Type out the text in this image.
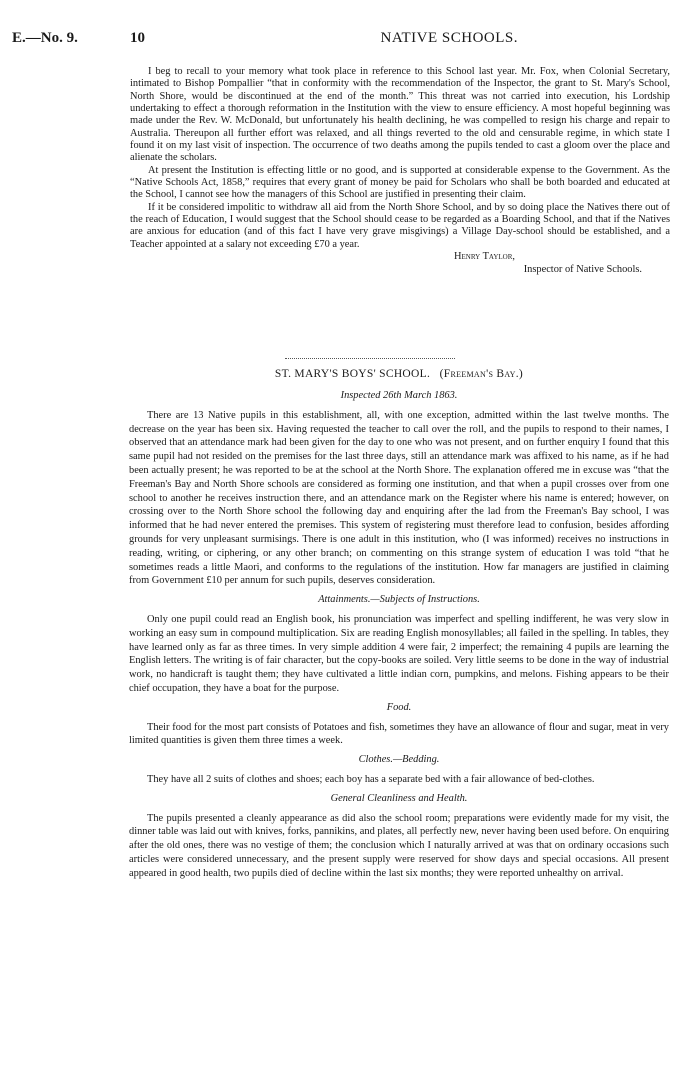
E.—No. 9.	10	NATIVE SCHOOLS.

I beg to recall to your memory what took place in reference to this School last year. Mr. Fox, when Colonial Secretary, intimated to Bishop Pompallier “that in conformity with the recommendation of the Inspector, the grant to St. Mary's School, North Shore, would be discontinued at the end of the month.” This threat was not carried into execution, his Lordship undertaking to effect a thorough reformation in the Institution with the view to ensure efficiency. A most hopeful beginning was made under the Rev. W. McDonald, but unfortunately his health declining, he was compelled to resign his charge and repair to Australia. Thereupon all further effort was relaxed, and all things reverted to the old and censurable regime, in which state I found it on my last visit of inspection. The occurrence of two deaths among the pupils tended to cast a gloom over the place and alienate the scholars.

At present the Institution is effecting little or no good, and is supported at considerable expense to the Government. As the “Native Schools Act, 1858,” requires that every grant of money be paid for Scholars who shall be both boarded and educated at the School, I cannot see how the managers of this School are justified in presenting their claim.

If it be considered impolitic to withdraw all aid from the North Shore School, and by so doing place the Natives there out of the reach of Education, I would suggest that the School should cease to be regarded as a Boarding School, and that if the Natives are anxious for education (and of this fact I have very grave misgivings) a Village Day-school should be established, and a Teacher appointed at a salary not exceeding £70 a year.

Henry Taylor,
Inspector of Native Schools.
ST. MARY'S BOYS' SCHOOL. (Freeman's Bay.)

Inspected 26th March 1863.

There are 13 Native pupils in this establishment, all, with one exception, admitted within the last twelve months. The decrease on the year has been six. Having requested the teacher to call over the roll, and the pupils to respond to their names, I observed that an attendance mark had been given for the day to one who was not present, and on further enquiry I found that this same pupil had not resided on the premises for the last three days, still an attendance mark was affixed to his name, as if he had been actually present; he was reported to be at the school at the North Shore. The explanation offered me in excuse was “that the Freeman's Bay and North Shore schools are considered as forming one institution, and that when a pupil crosses over from one school to another he receives instruction there, and an attendance mark on the Register where his name is entered; however, on crossing over to the North Shore school the following day and enquiring after the lad from the Freeman's Bay school, I was informed that he had never entered the premises. This system of registering must therefore lead to confusion, besides affording grounds for very unpleasant surmisings. There is one adult in this institution, who (I was informed) receives no instructions in reading, writing, or ciphering, or any other branch; on commenting on this strange system of education I was told “that he sometimes reads a little Maori, and conforms to the regulations of the institution. How far managers are justified in claiming from Government £10 per annum for such pupils, deserves consideration.

Attainments.—Subjects of Instructions.

Only one pupil could read an English book, his pronunciation was imperfect and spelling indifferent, he was very slow in working an easy sum in compound multiplication. Six are reading English monosyllables; all failed in the spelling. In tables, they have learned only as far as three times. In very simple addition 4 were fair, 2 imperfect; the remaining 4 pupils are learning the English letters. The writing is of fair character, but the copy-books are soiled. Very little seems to be done in the way of industrial work, no handicraft is taught them; they have cultivated a little indian corn, pumpkins, and melons. Fishing appears to be their chief occupation, they have a boat for the purpose.

Food.

Their food for the most part consists of Potatoes and fish, sometimes they have an allowance of flour and sugar, meat in very limited quantities is given them three times a week.

Clothes.—Bedding.

They have all 2 suits of clothes and shoes; each boy has a separate bed with a fair allowance of bed-clothes.

General Cleanliness and Health.

The pupils presented a cleanly appearance as did also the school room; preparations were evidently made for my visit, the dinner table was laid out with knives, forks, pannikins, and plates, all perfectly new, never having been used before. On enquiring after the old ones, there was no vestige of them; the conclusion which I naturally arrived at was that on ordinary occasions such articles were considered unnecessary, and the present supply were reserved for show days and special occasions. All present appeared in good health, two pupils died of decline within the last six months; they were reported unhealthy on arrival.
